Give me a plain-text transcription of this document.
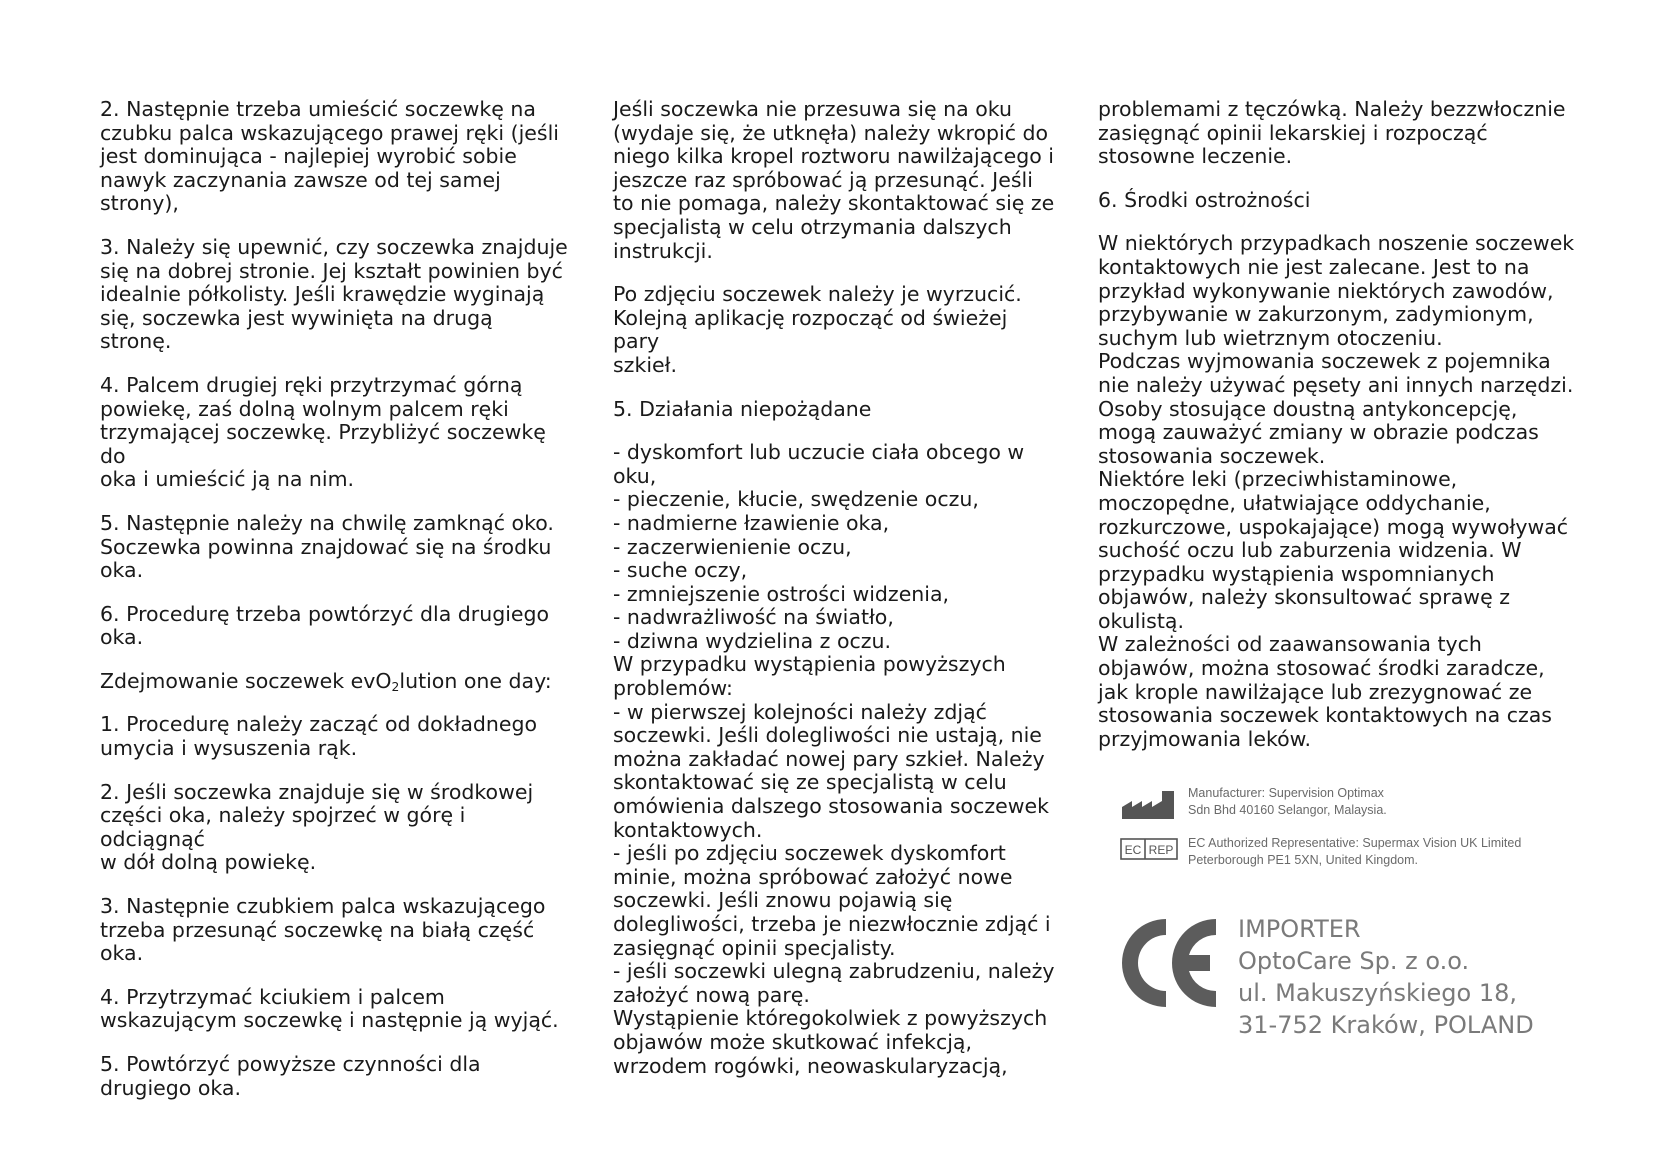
2. Następnie trzeba umieścić soczewkę na
czubku palca wskazującego prawej ręki (jeśli
jest dominująca - najlepiej wyrobić sobie
nawyk zaczynania zawsze od tej samej
strony),

3. Należy się upewnić, czy soczewka znajduje
się na dobrej stronie. Jej kształt powinien być
idealnie półkolisty. Jeśli krawędzie wyginają
się, soczewka jest wywinięta na drugą stronę.

4. Palcem drugiej ręki przytrzymać górną
powiekę, zaś dolną wolnym palcem ręki
trzymającej soczewkę. Przybliżyć soczewkę do
oka i umieścić ją na nim.

5. Następnie należy na chwilę zamknąć oko.
Soczewka powinna znajdować się na środku
oka.

6. Procedurę trzeba powtórzyć dla drugiego
oka.

Zdejmowanie soczewek evO$_2$lution one day:

1. Procedurę należy zacząć od dokładnego
umycia i wysuszenia rąk.

2. Jeśli soczewka znajduje się w środkowej
części oka, należy spojrzeć w górę i odciągnąć
w dół dolną powiekę.

3. Następnie czubkiem palca wskazującego
trzeba przesunąć soczewkę na białą część
oka.

4. Przytrzymać kciukiem i palcem
wskazującym soczewkę i następnie ją wyjąć.

5. Powtórzyć powyższe czynności dla
drugiego oka.

Jeśli soczewka nie przesuwa się na oku
(wydaje się, że utknęła) należy wkropić do
niego kilka kropel roztworu nawilżającego i
jeszcze raz spróbować ją przesunąć. Jeśli
to nie pomaga, należy skontaktować się ze
specjalistą w celu otrzymania dalszych
instrukcji.

Po zdjęciu soczewek należy je wyrzucić.
Kolejną aplikację rozpocząć od świeżej pary
szkieł.

5. Działania niepożądane

- dyskomfort lub uczucie ciała obcego w
oku,
- pieczenie, kłucie, swędzenie oczu,
- nadmierne łzawienie oka,
- zaczerwienienie oczu,
- suche oczy,
- zmniejszenie ostrości widzenia,
- nadwrażliwość na światło,
- dziwna wydzielina z oczu.
W przypadku wystąpienia powyższych
problemów:
- w pierwszej kolejności należy zdjąć
soczewki. Jeśli dolegliwości nie ustają, nie
można zakładać nowej pary szkieł. Należy
skontaktować się ze specjalistą w celu
omówienia dalszego stosowania soczewek
kontaktowych.
- jeśli po zdjęciu soczewek dyskomfort
minie, można spróbować założyć nowe
soczewki. Jeśli znowu pojawią się
dolegliwości, trzeba je niezwłocznie zdjąć i
zasięgnąć opinii specjalisty.
- jeśli soczewki ulegną zabrudzeniu, należy
założyć nową parę.
Wystąpienie któregokolwiek z powyższych
objawów może skutkować infekcją,
wrzodem rogówki, neowaskularyzacją,

problemami z tęczówką. Należy bezzwłocznie
zasięgnąć opinii lekarskiej i rozpocząć
stosowne leczenie.

6. Środki ostrożności

W niektórych przypadkach noszenie soczewek
kontaktowych nie jest zalecane. Jest to na
przykład wykonywanie niektórych zawodów,
przybywanie w zakurzonym, zadymionym,
suchym lub wietrznym otoczeniu.
Podczas wyjmowania soczewek z pojemnika
nie należy używać pęsety ani innych narzędzi.
Osoby stosujące doustną antykoncepcję,
mogą zauważyć zmiany w obrazie podczas
stosowania soczewek.
Niektóre leki (przeciwhistaminowe,
moczopędne, ułatwiające oddychanie,
rozkurczowe, uspokajające) mogą wywoływać
suchość oczu lub zaburzenia widzenia. W
przypadku wystąpienia wspomnianych
objawów, należy skonsultować sprawę z
okulistą.
W zależności od zaawansowania tych
objawów, można stosować środki zaradcze,
jak krople nawilżające lub zrezygnować ze
stosowania soczewek kontaktowych na czas
przyjmowania leków.

Manufacturer: Supervision Optimax
Sdn Bhd 40160 Selangor, Malaysia.
EC REP EC Authorized Representative: Supermax Vision UK Limited
Peterborough PE1 5XN, United Kingdom.
IMPORTER
OptoCare Sp. z o.o.
ul. Makuszyńskiego 18,
31-752 Kraków, POLAND
